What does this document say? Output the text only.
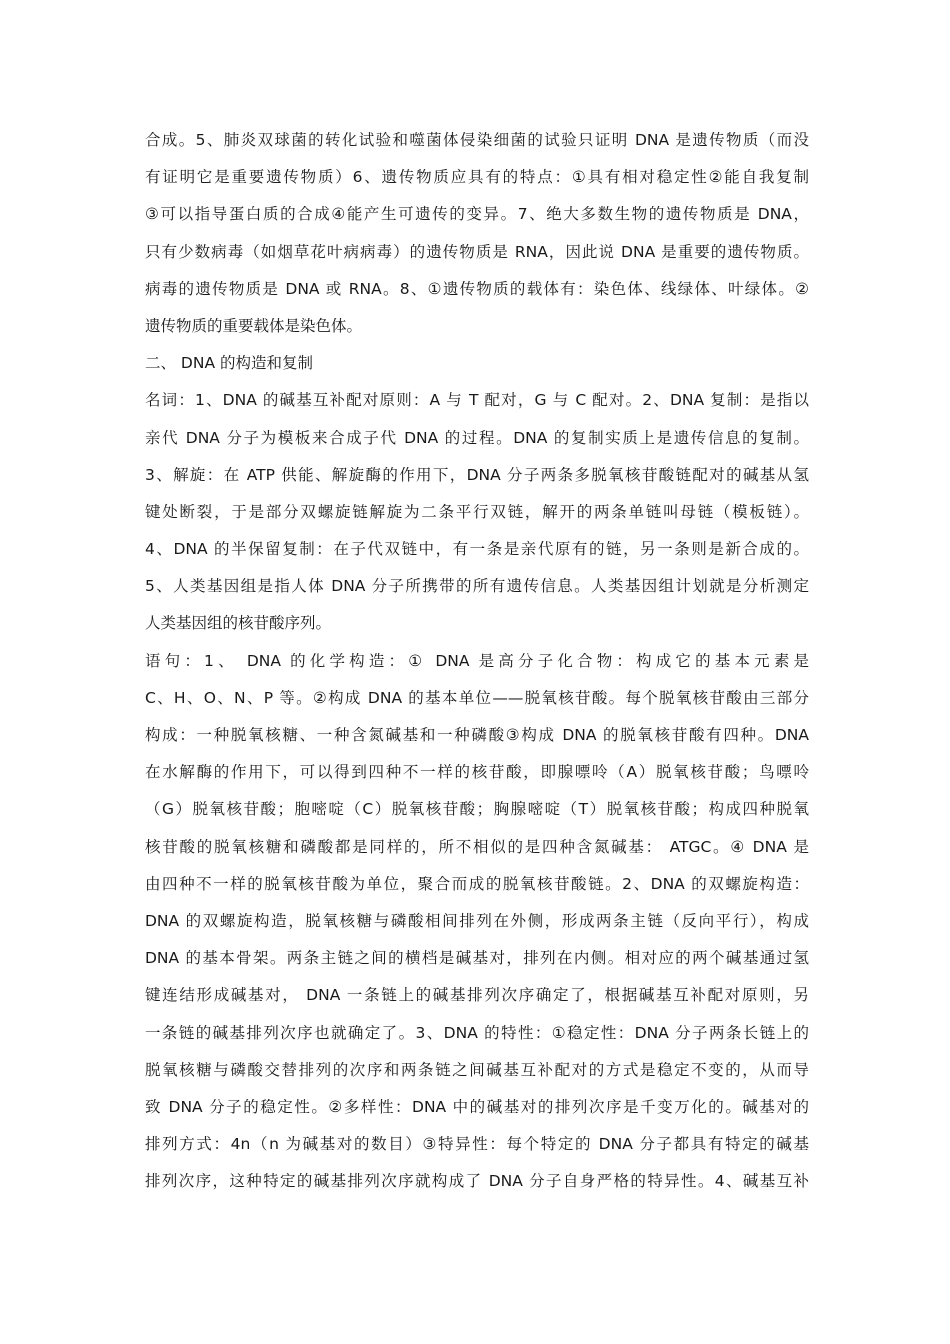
合成。5、肺炎双球菌的转化试验和噬菌体侵染细菌的试验只证明 DNA 是遗传物质（而没
有证明它是重要遗传物质）6、遗传物质应具有的特点：①具有相对稳定性②能自我复制
③可以指导蛋白质的合成④能产生可遗传的变异。7、绝大多数生物的遗传物质是 DNA，
只有少数病毒（如烟草花叶病病毒）的遗传物质是 RNA，因此说 DNA 是重要的遗传物质。
病毒的遗传物质是 DNA 或 RNA。8、①遗传物质的载体有：染色体、线绿体、叶绿体。②
遗传物质的重要载体是染色体。
二、 DNA 的构造和复制
名词：1、DNA 的碱基互补配对原则：A 与 T 配对，G 与 C 配对。2、DNA 复制：是指以
亲代 DNA 分子为模板来合成子代 DNA 的过程。DNA 的复制实质上是遗传信息的复制。
3、解旋：在 ATP 供能、解旋酶的作用下，DNA 分子两条多脱氧核苷酸链配对的碱基从氢
键处断裂，于是部分双螺旋链解旋为二条平行双链，解开的两条单链叫母链（模板链）。
4、DNA 的半保留复制：在子代双链中，有一条是亲代原有的链，另一条则是新合成的。
5、人类基因组是指人体 DNA 分子所携带的所有遗传信息。人类基因组计划就是分析测定
人类基因组的核苷酸序列。
语句：1、 DNA 的化学构造：① DNA 是高分子化合物：构成它的基本元素是
C、H、O、N、P 等。②构成 DNA 的基本单位——脱氧核苷酸。每个脱氧核苷酸由三部分
构成：一种脱氧核糖、一种含氮碱基和一种磷酸③构成 DNA 的脱氧核苷酸有四种。DNA
在水解酶的作用下，可以得到四种不一样的核苷酸，即腺嘌呤（A）脱氧核苷酸；鸟嘌呤
（G）脱氧核苷酸；胞嘧啶（C）脱氧核苷酸；胸腺嘧啶（T）脱氧核苷酸；构成四种脱氧
核苷酸的脱氧核糖和磷酸都是同样的，所不相似的是四种含氮碱基： ATGC。④ DNA 是
由四种不一样的脱氧核苷酸为单位，聚合而成的脱氧核苷酸链。2、DNA 的双螺旋构造：
DNA 的双螺旋构造，脱氧核糖与磷酸相间排列在外侧，形成两条主链（反向平行），构成
DNA 的基本骨架。两条主链之间的横档是碱基对，排列在内侧。相对应的两个碱基通过氢
键连结形成碱基对， DNA 一条链上的碱基排列次序确定了，根据碱基互补配对原则，另
一条链的碱基排列次序也就确定了。3、DNA 的特性：①稳定性：DNA 分子两条长链上的
脱氧核糖与磷酸交替排列的次序和两条链之间碱基互补配对的方式是稳定不变的，从而导
致 DNA 分子的稳定性。②多样性：DNA 中的碱基对的排列次序是千变万化的。碱基对的
排列方式：4n（n 为碱基对的数目）③特异性：每个特定的 DNA 分子都具有特定的碱基
排列次序，这种特定的碱基排列次序就构成了 DNA 分子自身严格的特异性。4、碱基互补
